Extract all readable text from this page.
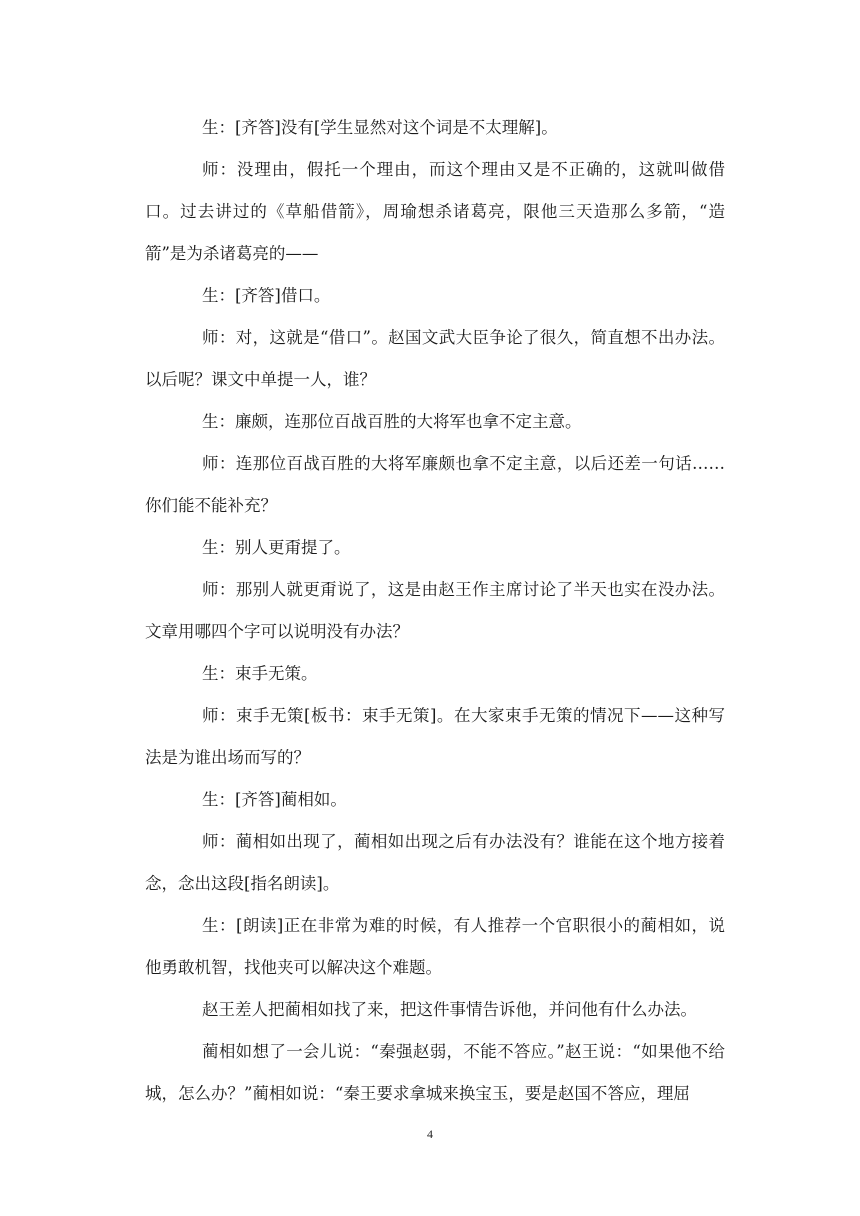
生：[齐答]没有[学生显然对这个词是不太理解]。

师：没理由，假托一个理由，而这个理由又是不正确的，这就叫做借口。过去讲过的《草船借箭》，周瑜想杀诸葛亮，限他三天造那么多箭，“造箭”是为杀诸葛亮的——

生：[齐答]借口。

师：对，这就是“借口”。赵国文武大臣争论了很久，简直想不出办法。以后呢？课文中单提一人，谁？

生：廉颇，连那位百战百胜的大将军也拿不定主意。

师：连那位百战百胜的大将军廉颇也拿不定主意，以后还差一句话……你们能不能补充？

生：别人更甭提了。

师：那别人就更甭说了，这是由赵王作主席讨论了半天也实在没办法。文章用哪四个字可以说明没有办法？

生：束手无策。

师：束手无策[板书：束手无策]。在大家束手无策的情况下——这种写法是为谁出场而写的？

生：[齐答]蔺相如。

师：蔺相如出现了，蔺相如出现之后有办法没有？谁能在这个地方接着念，念出这段[指名朗读]。

生：[朗读]正在非常为难的时候，有人推荐一个官职很小的蔺相如，说他勇敢机智，找他夹可以解决这个难题。

赵王差人把蔺相如找了来，把这件事情告诉他，并问他有什么办法。

蔺相如想了一会儿说：“秦强赵弱，不能不答应。”赵王说：“如果他不给城，怎么办？”蔺相如说：“秦王要求拿城来换宝玉，要是赵国不答应，理屈

4
